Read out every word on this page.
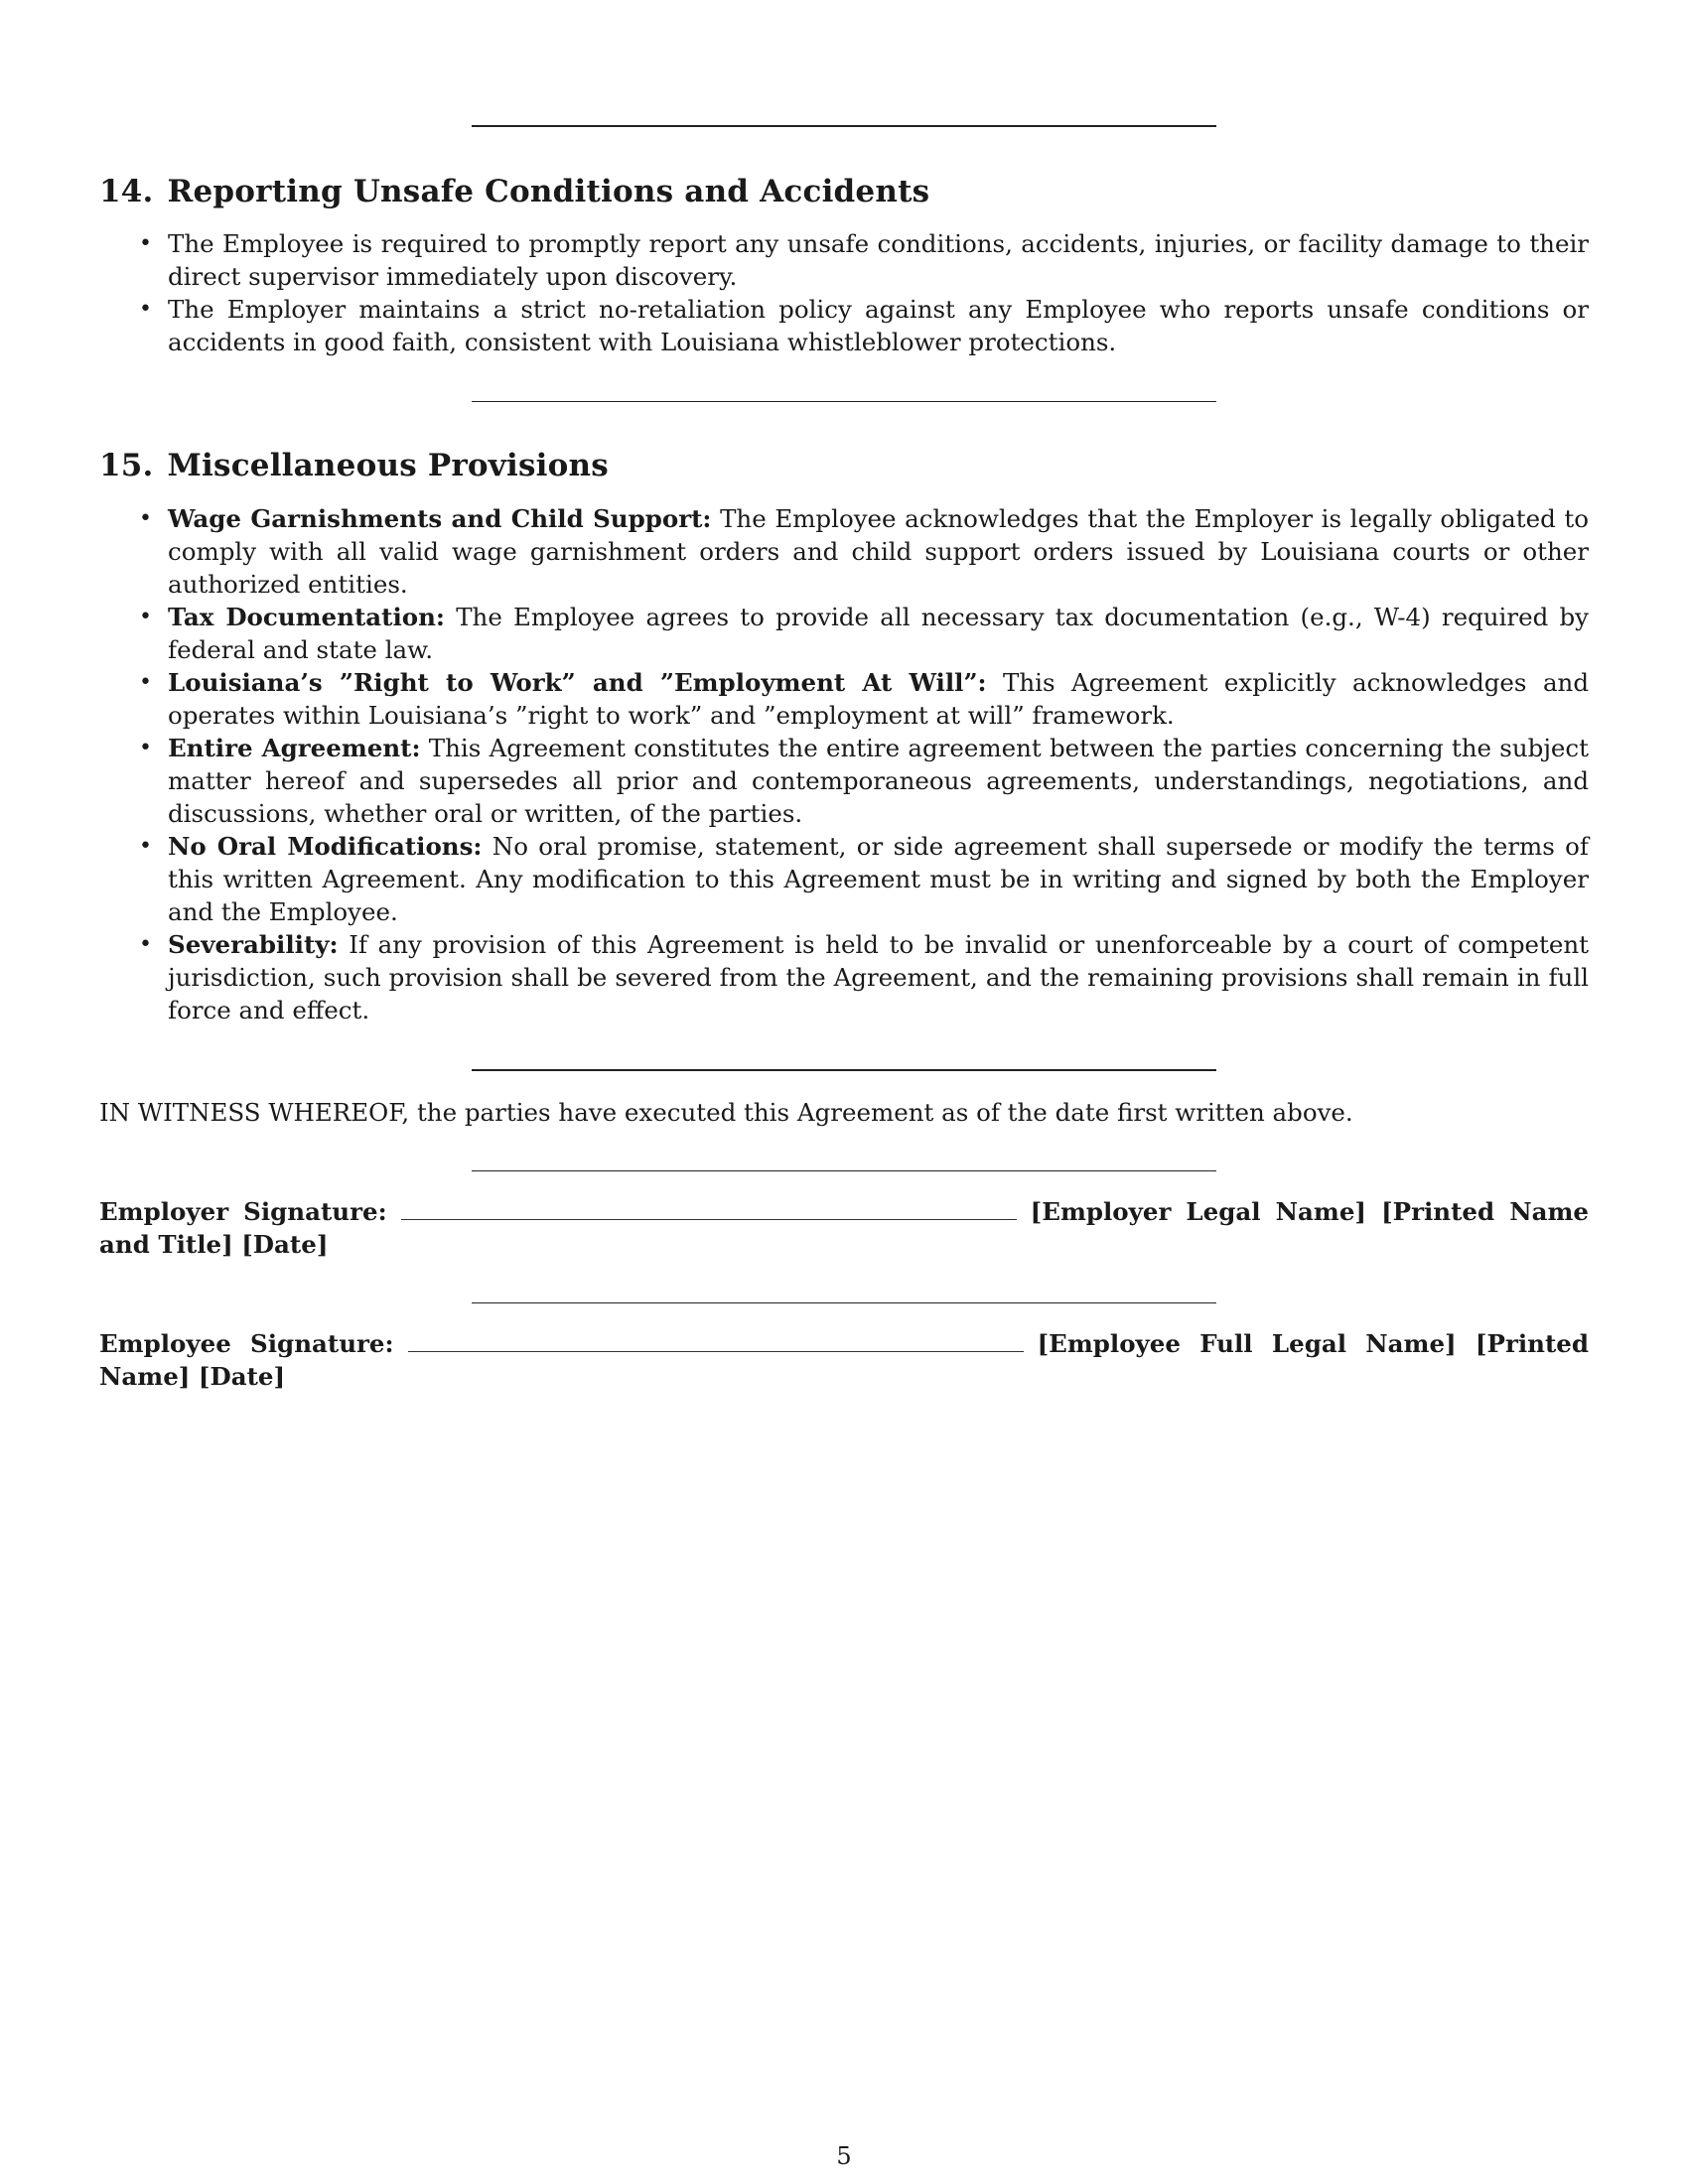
14. Reporting Unsafe Conditions and Accidents
• The Employee is required to promptly report any unsafe conditions, accidents, injuries, or facility damage to their direct supervisor immediately upon discovery.
• The Employer maintains a strict no-retaliation policy against any Employee who reports unsafe conditions or accidents in good faith, consistent with Louisiana whistleblower protections.
15. Miscellaneous Provisions
• Wage Garnishments and Child Support: The Employee acknowledges that the Employer is legally obligated to comply with all valid wage garnishment orders and child support orders issued by Louisiana courts or other authorized entities.
• Tax Documentation: The Employee agrees to provide all necessary tax documentation (e.g., W-4) required by federal and state law.
• Louisiana’s ”Right to Work” and ”Employment At Will”: This Agreement explicitly acknowledges and operates within Louisiana’s ”right to work” and ”employment at will” framework.
• Entire Agreement: This Agreement constitutes the entire agreement between the parties concerning the subject matter hereof and supersedes all prior and contemporaneous agreements, understandings, negotiations, and discussions, whether oral or written, of the parties.
• No Oral Modifications: No oral promise, statement, or side agreement shall supersede or modify the terms of this written Agreement. Any modification to this Agreement must be in writing and signed by both the Employer and the Employee.
• Severability: If any provision of this Agreement is held to be invalid or unenforceable by a court of competent jurisdiction, such provision shall be severed from the Agreement, and the remaining provisions shall remain in full force and effect.

IN WITNESS WHEREOF, the parties have executed this Agreement as of the date first written above.

Employer Signature:	[Employer Legal Name] [Printed Name and Title] [Date]
Employee Signature:	[Employee Full Legal Name] [Printed Name] [Date]
5
